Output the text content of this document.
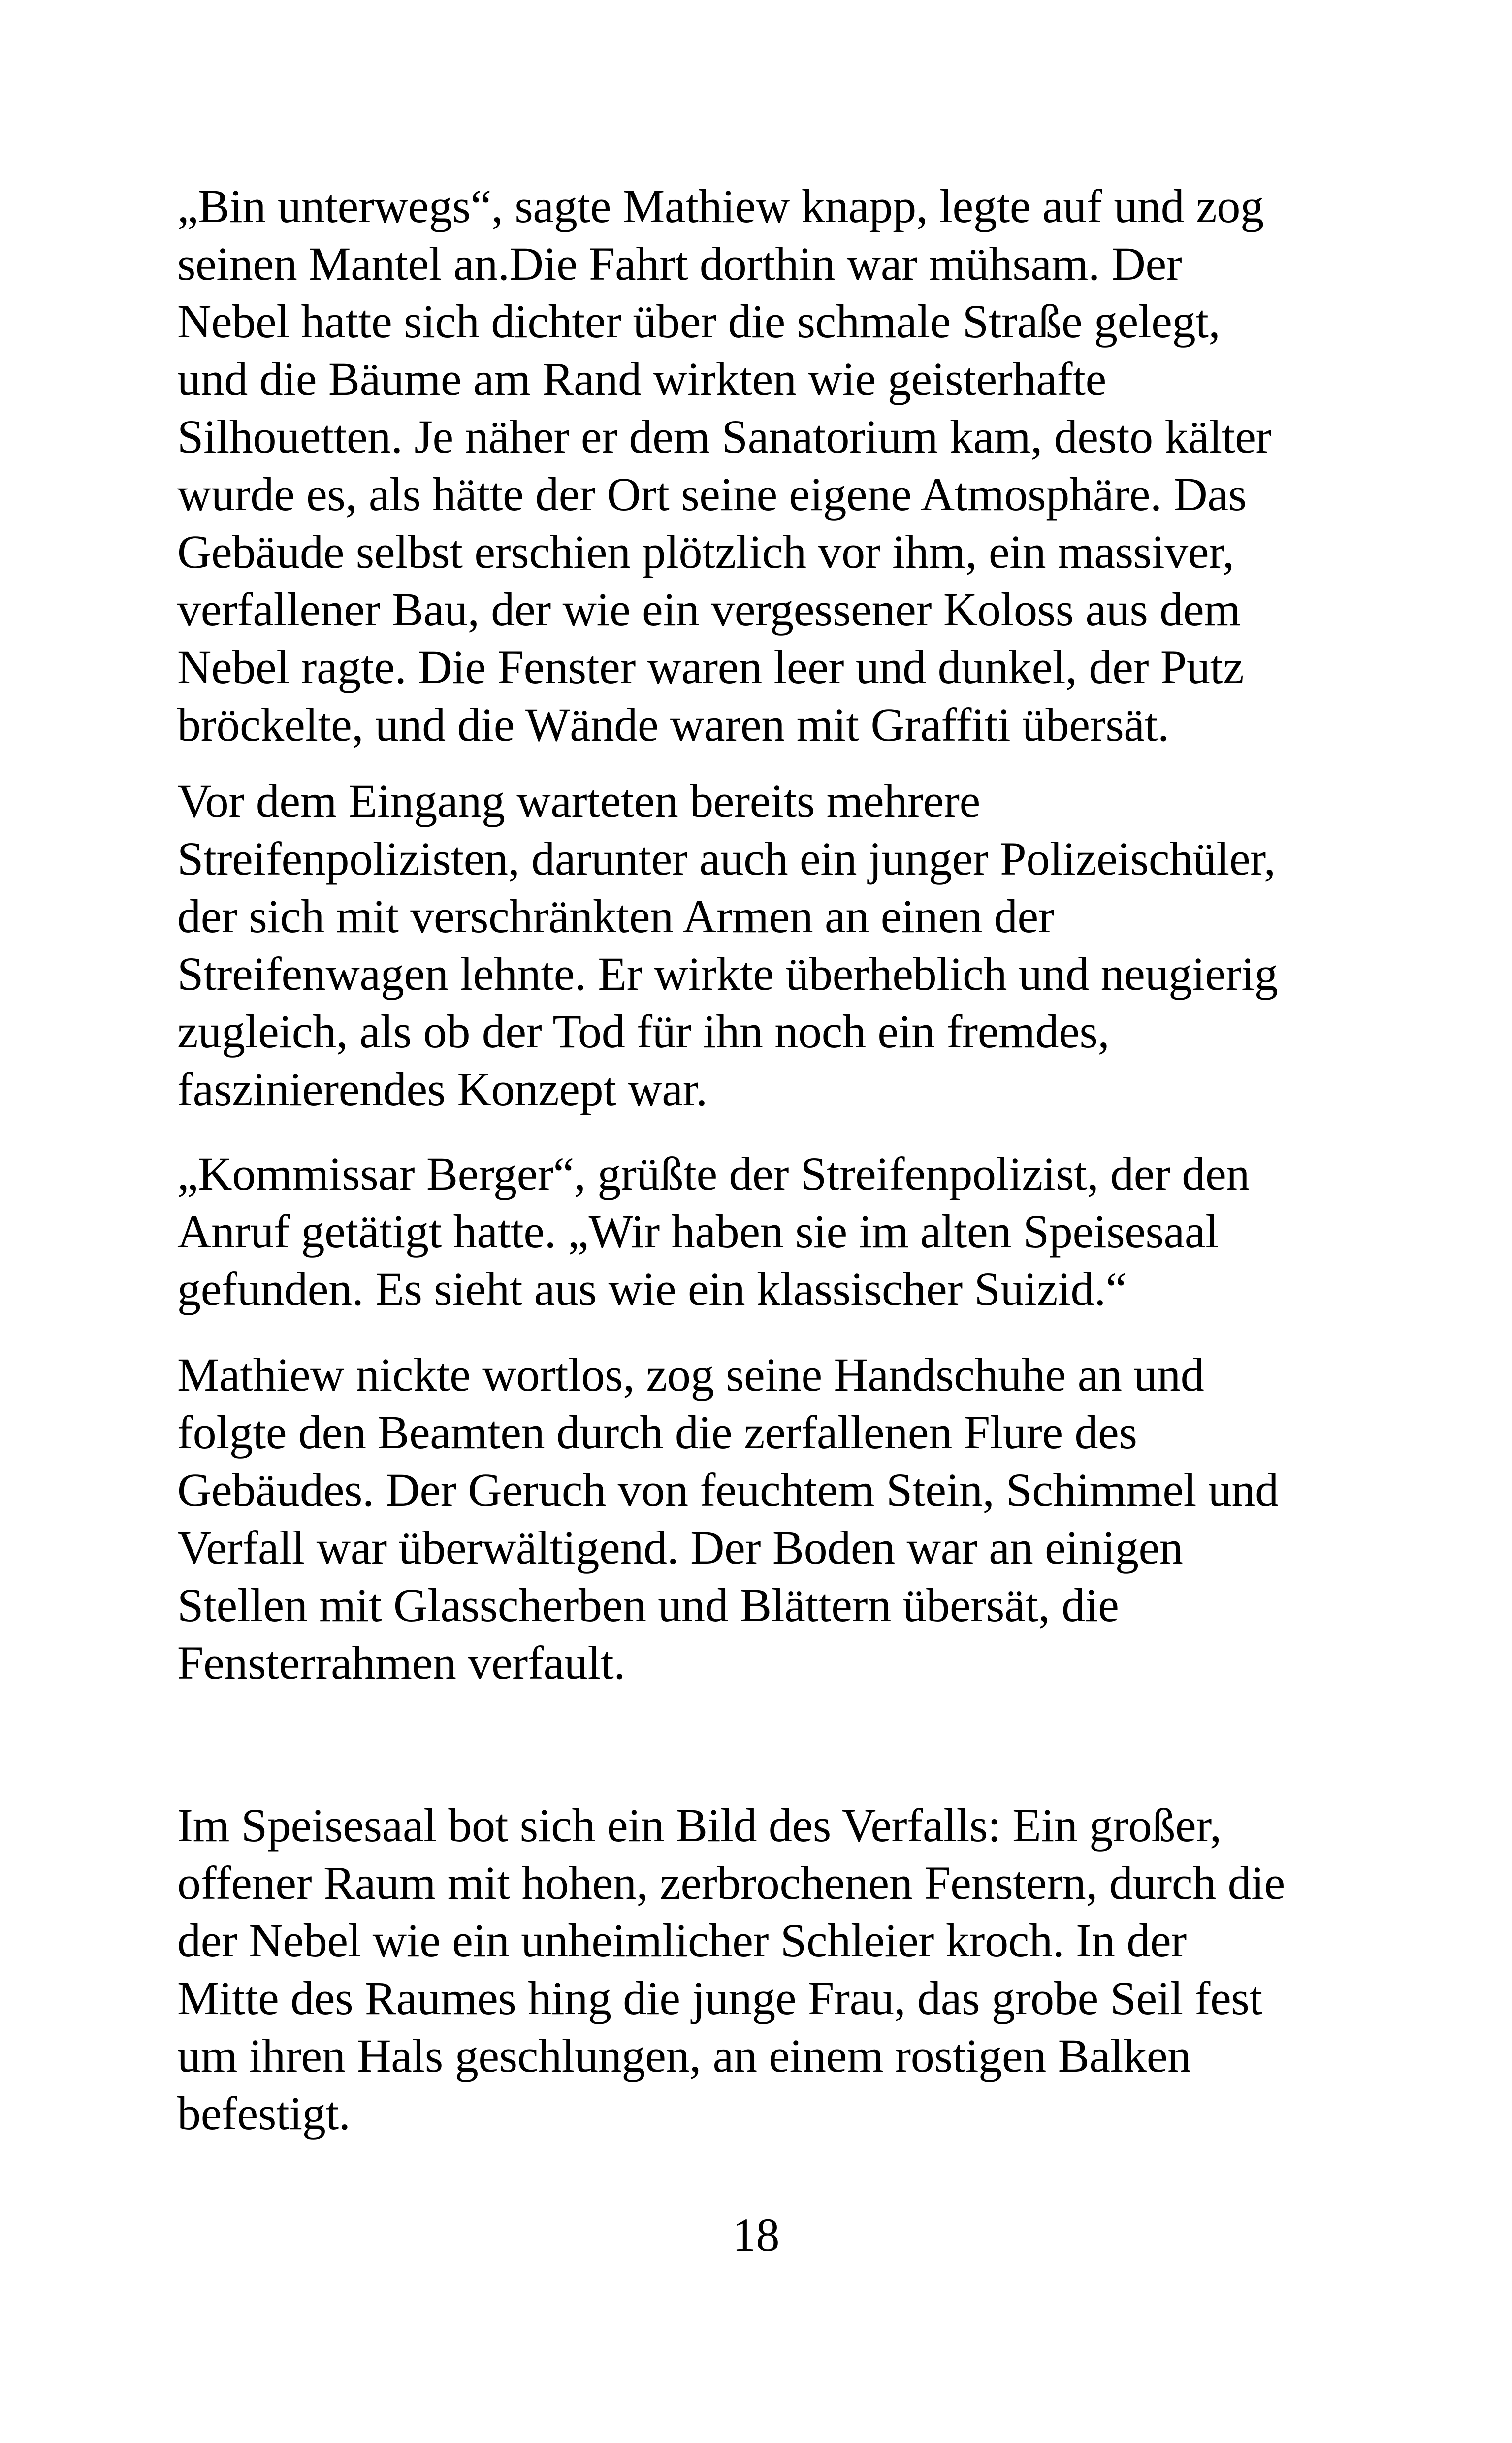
„Bin unterwegs“, sagte Mathiew knapp, legte auf und zog
seinen Mantel an.Die Fahrt dorthin war mühsam. Der
Nebel hatte sich dichter über die schmale Straße gelegt,
und die Bäume am Rand wirkten wie geisterhafte
Silhouetten. Je näher er dem Sanatorium kam, desto kälter
wurde es, als hätte der Ort seine eigene Atmosphäre. Das
Gebäude selbst erschien plötzlich vor ihm, ein massiver,
verfallener Bau, der wie ein vergessener Koloss aus dem
Nebel ragte. Die Fenster waren leer und dunkel, der Putz
bröckelte, und die Wände waren mit Graffiti übersät.
Vor dem Eingang warteten bereits mehrere
Streifenpolizisten, darunter auch ein junger Polizeischüler,
der sich mit verschränkten Armen an einen der
Streifenwagen lehnte. Er wirkte überheblich und neugierig
zugleich, als ob der Tod für ihn noch ein fremdes,
faszinierendes Konzept war.
„Kommissar Berger“, grüßte der Streifenpolizist, der den
Anruf getätigt hatte. „Wir haben sie im alten Speisesaal
gefunden. Es sieht aus wie ein klassischer Suizid.“
Mathiew nickte wortlos, zog seine Handschuhe an und
folgte den Beamten durch die zerfallenen Flure des
Gebäudes. Der Geruch von feuchtem Stein, Schimmel und
Verfall war überwältigend. Der Boden war an einigen
Stellen mit Glasscherben und Blättern übersät, die
Fensterrahmen verfault.
Im Speisesaal bot sich ein Bild des Verfalls: Ein großer,
offener Raum mit hohen, zerbrochenen Fenstern, durch die
der Nebel wie ein unheimlicher Schleier kroch. In der
Mitte des Raumes hing die junge Frau, das grobe Seil fest
um ihren Hals geschlungen, an einem rostigen Balken
befestigt.
18
